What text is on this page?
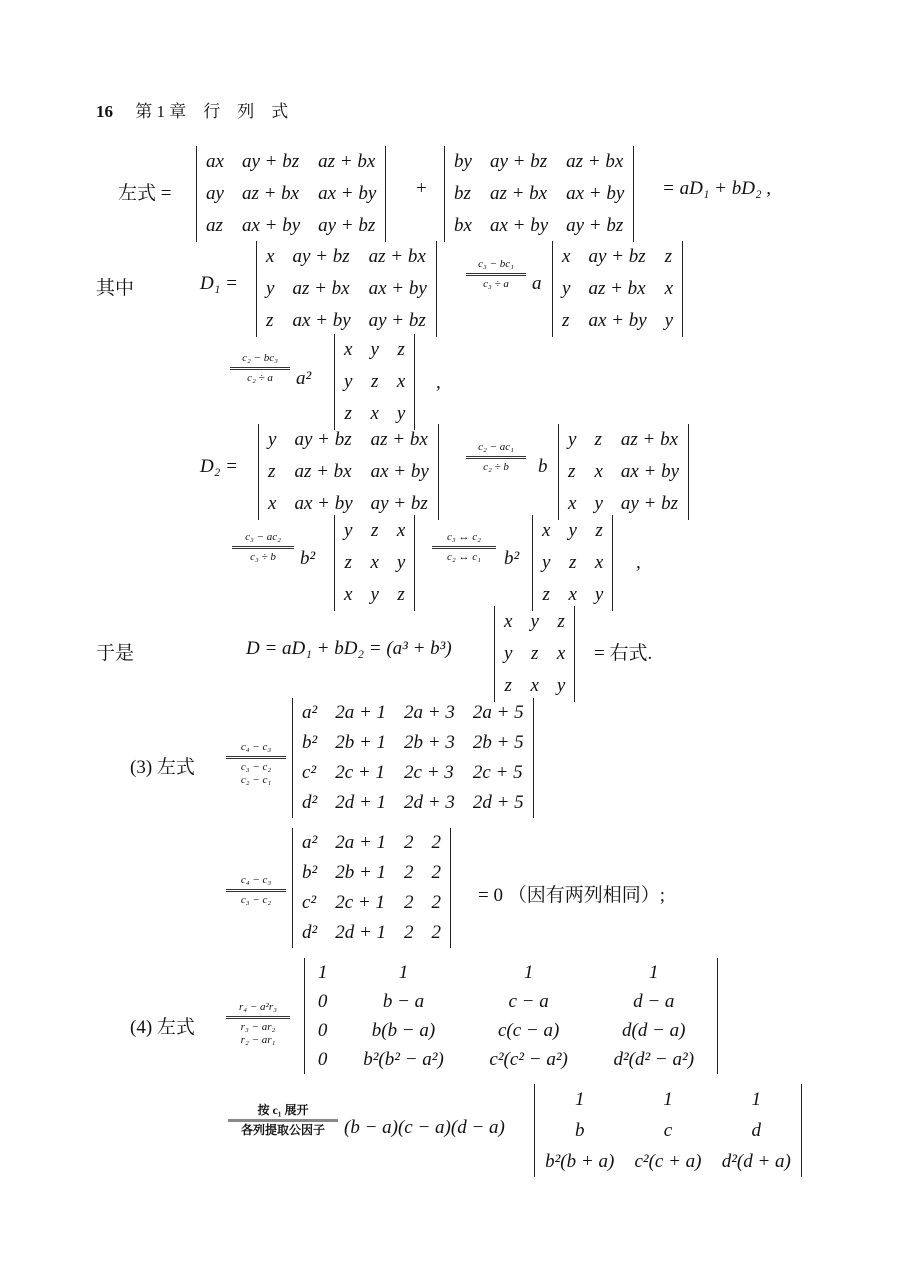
16 第 1 章　行　列　式
左式 =
ax	ay + bz	az + bx
ay	az + bx	ax + by
az	ax + by	ay + bz
+
by	ay + bz	az + bx
bz	az + bx	ax + by
bx	ax + by	ay + bz
= aD₁ + bD₂ ,
其中	D₁ =
x	ay + bz	az + bx
y	az + bx	ax + by
z	ax + by	ay + bz
c₃ − bc₁
c₃ ÷ a	a
x	ay + bz	z
y	az + bx	x
z	ax + by	y
c₂ − bc₃
c₂ ÷ a	a²
x	y	z
y	z	x
z	x	y
,
D₂ =
y	ay + bz	az + bx
z	az + bx	ax + by
x	ax + by	ay + bz
c₂ − ac₁
c₂ ÷ b	b
y	z	az + bx
z	x	ax + by
x	y	ay + bz
c₃ − ac₂
c₃ ÷ b	b²
y	z	x
z	x	y
x	y	z
c₃ ↔ c₂
c₂ ↔ c₁	b²
x	y	z
y	z	x
z	x	y
,
于是	D = aD₁ + bD₂ = (a³ + b³)
x	y	z
y	z	x
z	x	y
= 右式.
(3) 左式
c₄ − c₃
c₃ − c₂
c₂ − c₁
a²	2a + 1	2a + 3	2a + 5
b²	2b + 1	2b + 3	2b + 5
c²	2c + 1	2c + 3	2c + 5
d²	2d + 1	2d + 3	2d + 5
c₄ − c₃
c₃ − c₂
a²	2a + 1	2	2
b²	2b + 1	2	2
c²	2c + 1	2	2
d²	2d + 1	2	2
= 0 （因有两列相同）;
(4) 左式
r₄ − a²r₃
r₃ − ar₂
r₂ − ar₁
1	1	1	1
0	b − a	c − a	d − a
0	b(b − a)	c(c − a)	d(d − a)
0	b²(b² − a²)	c²(c² − a²)	d²(d² − a²)
按 c₁ 展开
各列提取公因子	(b − a)(c − a)(d − a)
1	1	1
b	c	d
b²(b + a)	c²(c + a)	d²(d + a)
